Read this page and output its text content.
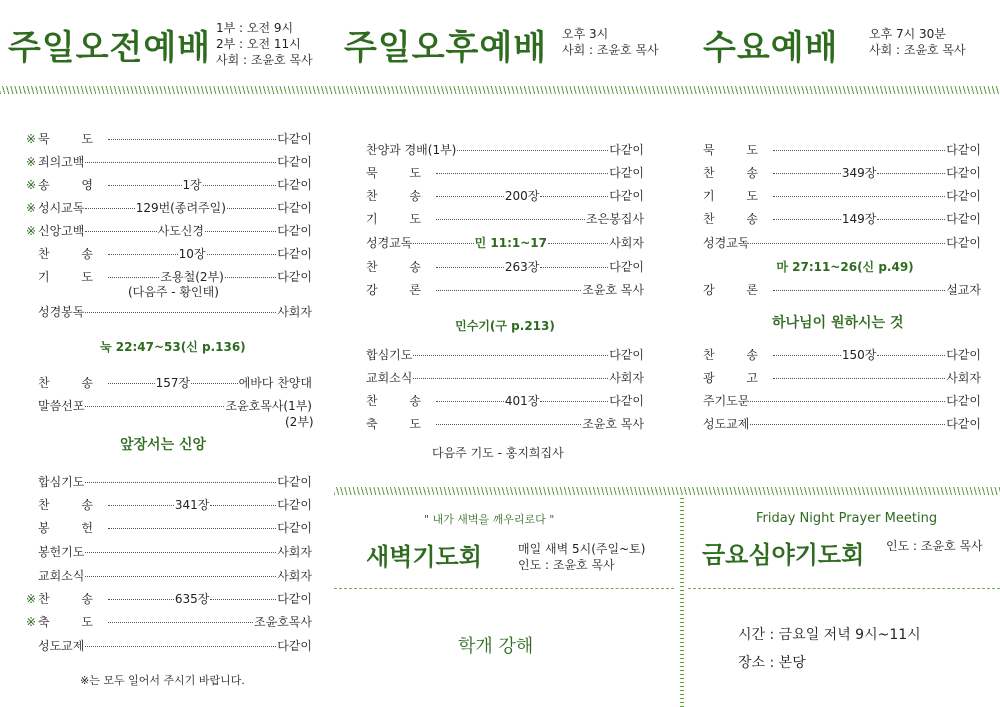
주일오전예배 1부 : 오전 9시
2부 : 오전 11시
사회 : 조윤호 목사 주일오후예배 오후 3시
사회 : 조윤호 목사 수요예배	오후 7시 30분
사회 : 조윤호 목사
※ 묵 도	다같이
※ 죄의고백	다같이
※ 송 영	1장	다같이
※ 성시교독	129번(종려주일)	다같이
※ 신앙고백	사도신경	다같이
찬 송	10장	다같이
기 도	조용철(2부)	다같이
(다음주 - 황인태)
성경봉독	사회자
눅 22:47~53(신 p.136)
찬 송	157장	에바다 찬양대
말씀선포	조윤호목사(1부)
(2부)
앞장서는 신앙
합심기도	다같이
찬 송	341장	다같이
봉 헌	다같이
봉헌기도	사회자
교회소식	사회자
※ 찬 송	635장	다같이
※ 축 도	조윤호목사
성도교제	다같이
※는 모두 일어서 주시기 바랍니다.
찬양과 경배(1부)	다같이
묵 도	다같이
찬 송	200장	다같이
기 도	조은봉집사
성경교독	민 11:1~17	사회자
찬 송	263장	다같이
강 론	조윤호 목사
민수기(구 p.213)
합심기도	다같이
교회소식	사회자
찬 송	401장	다같이
축 도	조윤호 목사
다음주 기도 - 홍지희집사
묵 도	다같이
찬 송	349장	다같이
기 도	다같이
찬 송	149장	다같이
성경교독	다같이
마 27:11~26(신 p.49)
강 론	설교자
하나님이 원하시는 것
찬 송	150장	다같이
광 고	사회자
주기도문	다같이
성도교제	다같이
" 내가 새벽을 깨우리로다 "
새벽기도회	매일 새벽 5시(주일~토)
인도 : 조윤호 목사
학개 강해
Friday Night Prayer Meeting
금요심야기도회 인도 : 조윤호 목사
시간 : 금요일 저녁 9시~11시
장소 : 본당
